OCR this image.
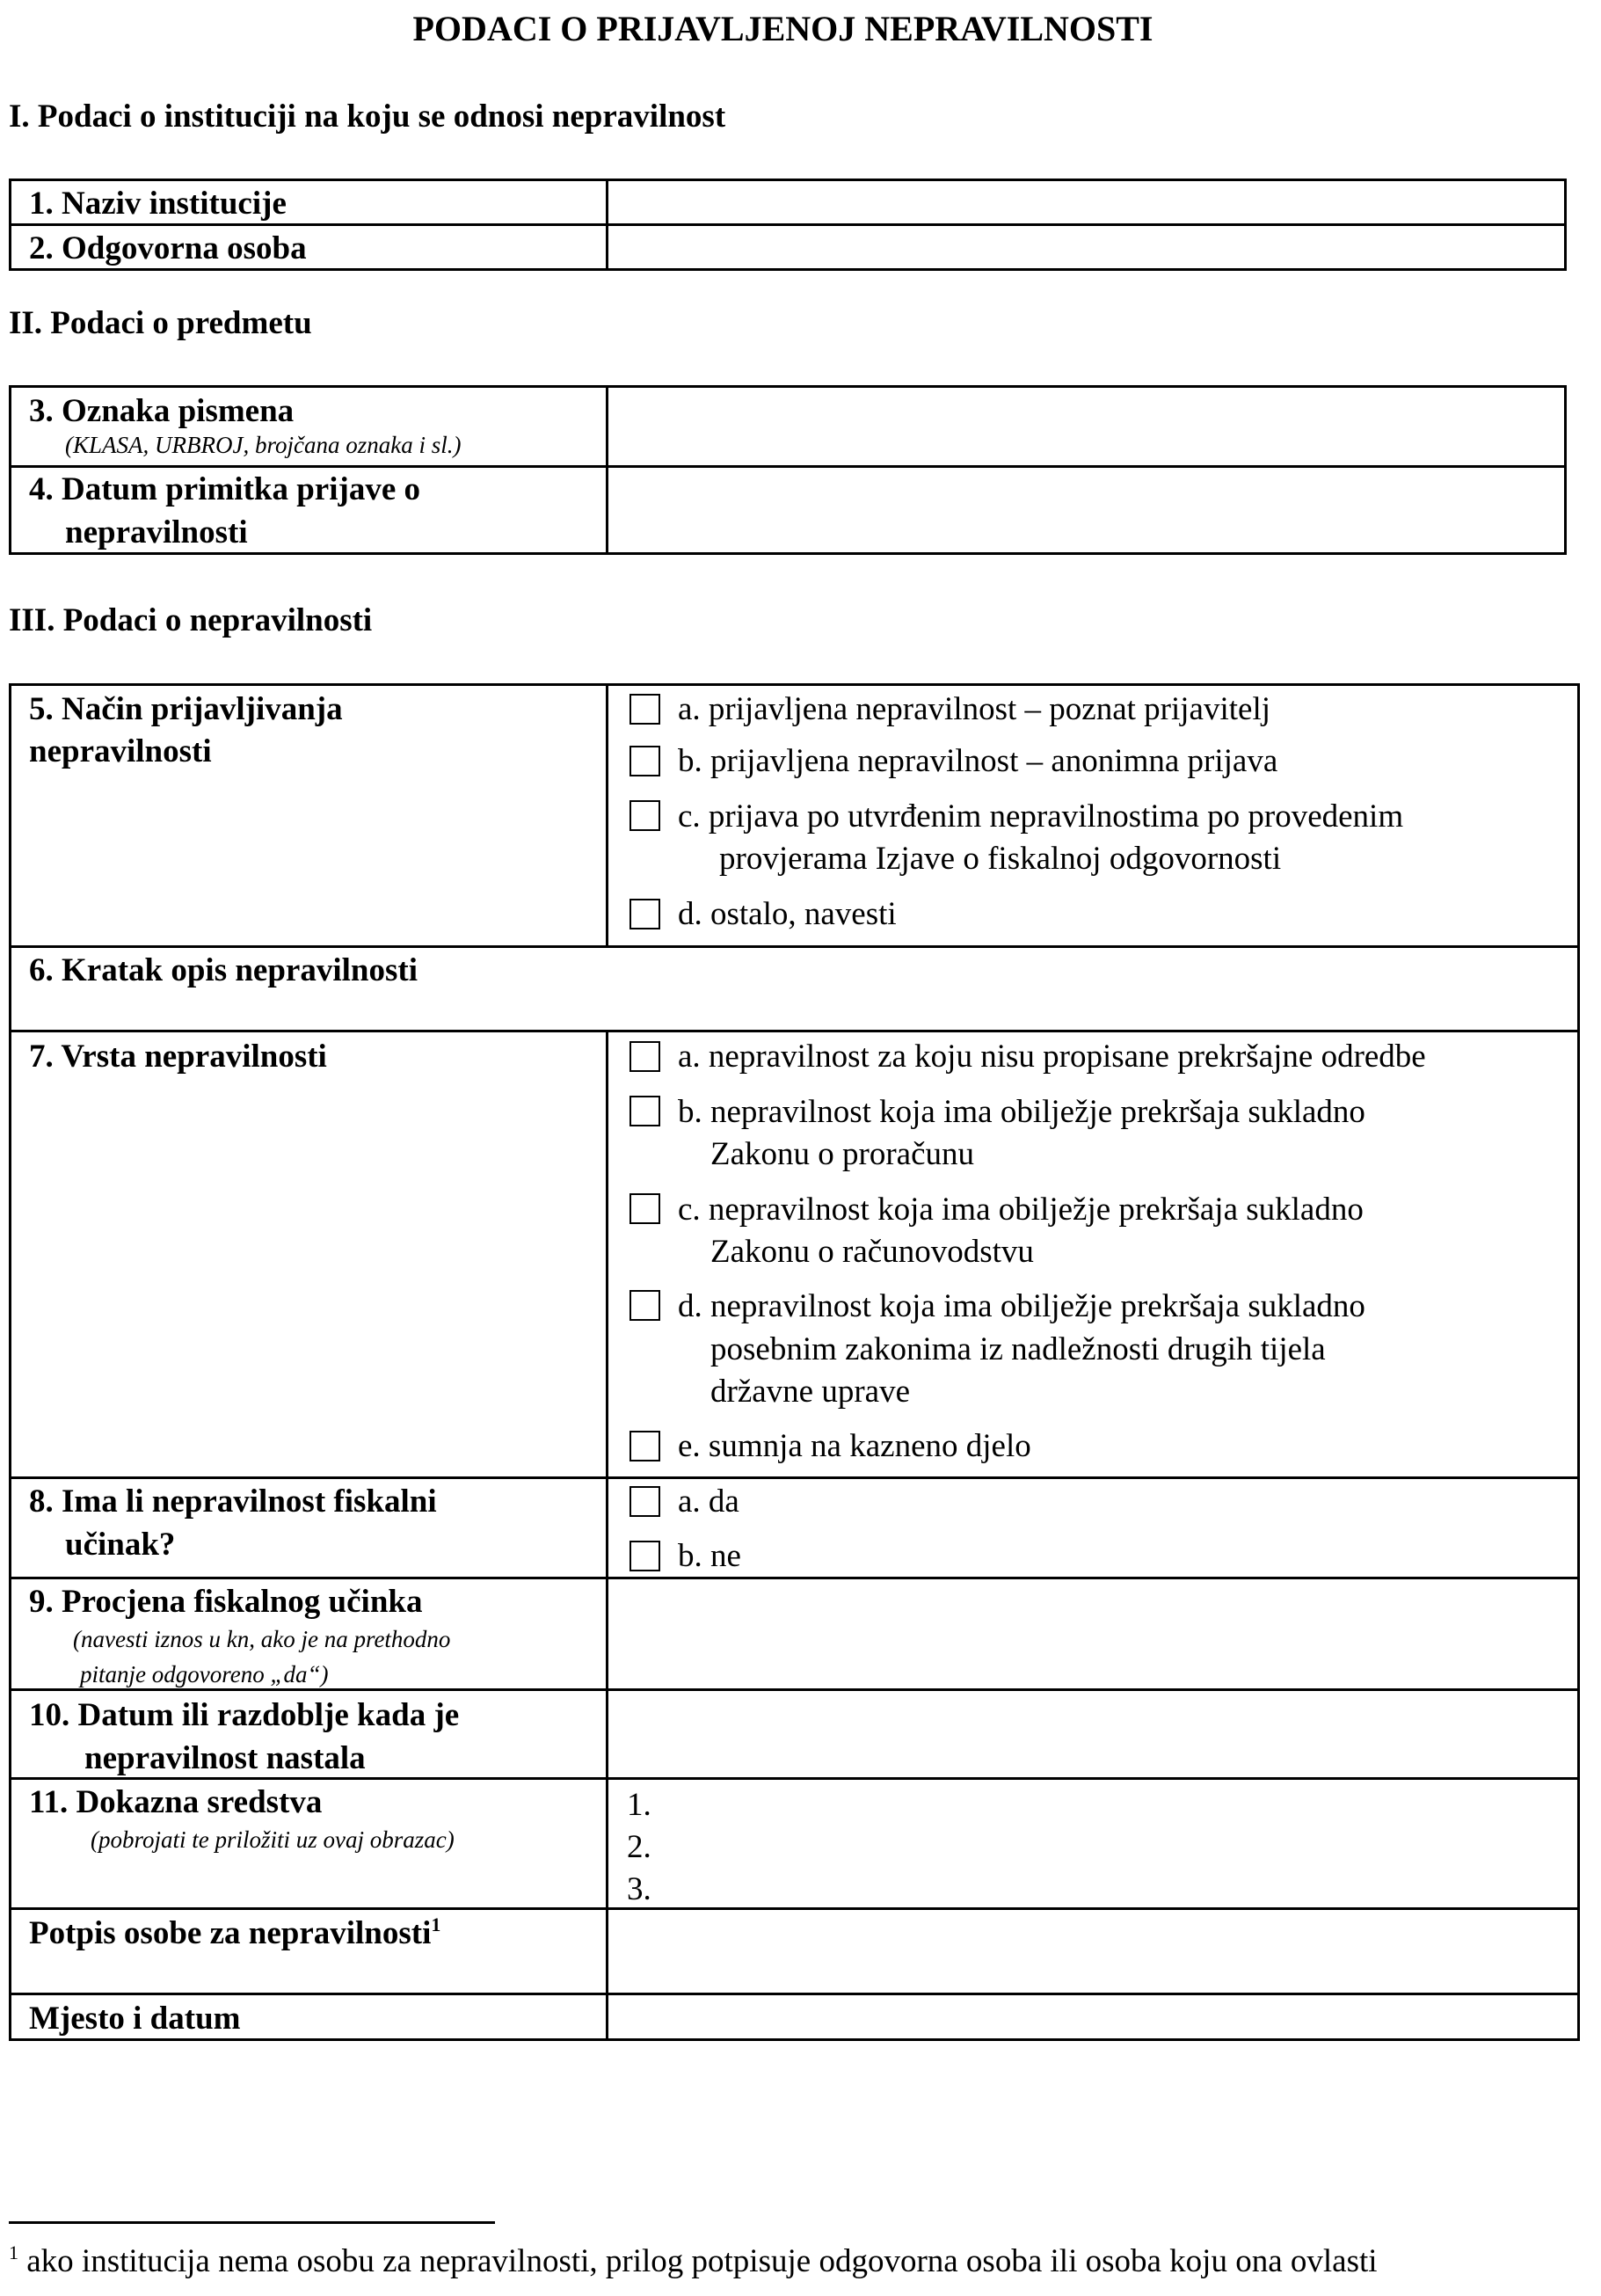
PODACI O PRIJAVLJENOJ NEPRAVILNOSTI
I. Podaci o instituciji na koju se odnosi nepravilnost
1. Naziv institucije
2. Odgovorna osoba
II. Podaci o predmetu
3. Oznaka pismena
(KLASA, URBROJ, brojčana oznaka i sl.)
4. Datum primitka prijave o
nepravilnosti
III. Podaci o nepravilnosti
5. Način prijavljivanja
nepravilnosti
a. prijavljena nepravilnost – poznat prijavitelj
b. prijavljena nepravilnost – anonimna prijava
c. prijava po utvrđenim nepravilnostima po provedenim
provjerama Izjave o fiskalnoj odgovornosti
d. ostalo, navesti
6. Kratak opis nepravilnosti
7. Vrsta nepravilnosti	a. nepravilnost za koju nisu propisane prekršajne odredbe
b. nepravilnost koja ima obilježje prekršaja sukladno
Zakonu o proračunu
c. nepravilnost koja ima obilježje prekršaja sukladno
Zakonu o računovodstvu
d. nepravilnost koja ima obilježje prekršaja sukladno
posebnim zakonima iz nadležnosti drugih tijela
državne uprave
e. sumnja na kazneno djelo
8. Ima li nepravilnost fiskalni
učinak?
a. da
b. ne
9. Procjena fiskalnog učinka
(navesti iznos u kn, ako je na prethodno
pitanje odgovoreno „da“)
10. Datum ili razdoblje kada je
nepravilnost nastala
11. Dokazna sredstva
(pobrojati te priložiti uz ovaj obrazac)
1.
2.
3.
Potpis osobe za nepravilnosti$^1$
Mjesto i datum
$^1$ ako institucija nema osobu za nepravilnosti, prilog potpisuje odgovorna osoba ili osoba koju ona ovlasti
